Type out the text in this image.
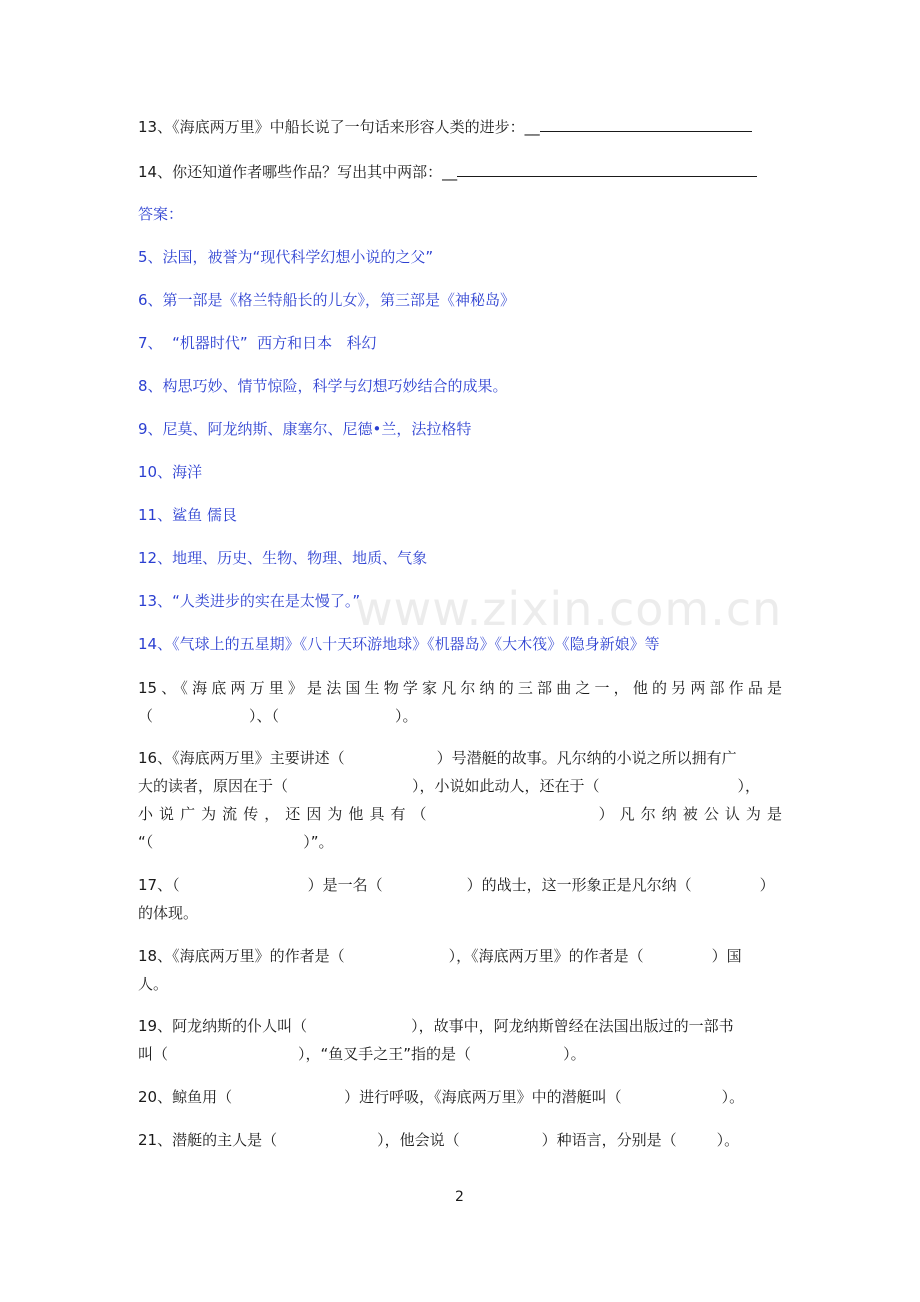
www.zixin.com.cn
13、《海底两万里》中船长说了一句话来形容人类的进步：__
14、你还知道作者哪些作品？写出其中两部：__
答案：
5、法国，被誉为“现代科学幻想小说的之父”
6、第一部是《格兰特船长的儿女》，第三部是《神秘岛》
7、  “机器时代”  西方和日本   科幻
8、构思巧妙、情节惊险，科学与幻想巧妙结合的成果。
9、尼莫、阿龙纳斯、康塞尔、尼德•兰，法拉格特
10、海洋
11、鲨鱼 儒艮
12、地理、历史、生物、物理、地质、气象
13、“人类进步的实在是太慢了。”
14、《气球上的五星期》《八十天环游地球》《机器岛》《大木筏》《隐身新娘》等
15、《海底两万里》是法国生物学家凡尔纳的三部曲之一，他的另两部作品是
（	）、（	）。
16、《海底两万里》主要讲述（	）号潜艇的故事。凡尔纳的小说之所以拥有广
大的读者，原因在于（	），小说如此动人，还在于（	），
小说广为流传，还因为他具有（	）凡尔纳被公认为是
“（	）”。
17、（	）是一名（	）的战士，这一形象正是凡尔纳（	）
的体现。
18、《海底两万里》的作者是（	），《海底两万里》的作者是（	）国
人。
19、阿龙纳斯的仆人叫（	），故事中，阿龙纳斯曾经在法国出版过的一部书
叫（	），“鱼叉手之王”指的是（	）。
20、鲸鱼用（	）进行呼吸，《海底两万里》中的潜艇叫（	）。
21、潜艇的主人是（	），他会说（	）种语言，分别是（	）。
2
